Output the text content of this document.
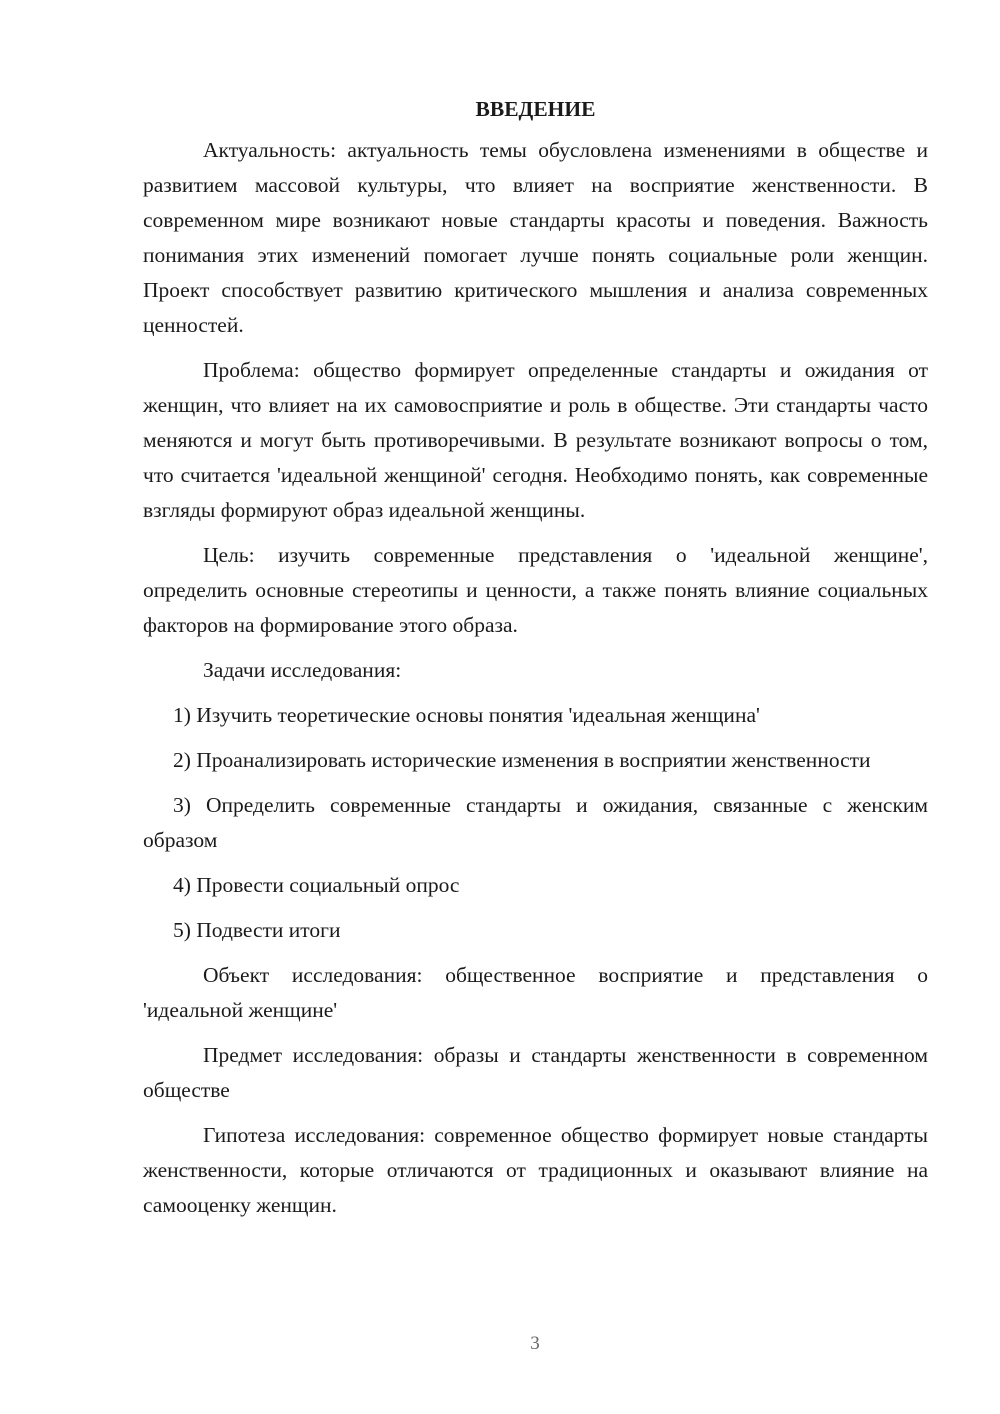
ВВЕДЕНИЕ

Актуальность: актуальность темы обусловлена изменениями в обществе и развитием массовой культуры, что влияет на восприятие женственности. В современном мире возникают новые стандарты красоты и поведения. Важность понимания этих изменений помогает лучше понять социальные роли женщин. Проект способствует развитию критического мышления и анализа современных ценностей.

Проблема: общество формирует определенные стандарты и ожидания от женщин, что влияет на их самовосприятие и роль в обществе. Эти стандарты часто меняются и могут быть противоречивыми. В результате возникают вопросы о том, что считается 'идеальной женщиной' сегодня. Необходимо понять, как современные взгляды формируют образ идеальной женщины.

Цель: изучить современные представления о 'идеальной женщине', определить основные стереотипы и ценности, а также понять влияние социальных факторов на формирование этого образа.

Задачи исследования:

1) Изучить теоретические основы понятия 'идеальная женщина'

2) Проанализировать исторические изменения в восприятии женственности

3) Определить современные стандарты и ожидания, связанные с женским образом

4) Провести социальный опрос

5) Подвести итоги

Объект исследования: общественное восприятие и представления о 'идеальной женщине'

Предмет исследования: образы и стандарты женственности в современном обществе

Гипотеза исследования: современное общество формирует новые стандарты женственности, которые отличаются от традиционных и оказывают влияние на самооценку женщин.

3
